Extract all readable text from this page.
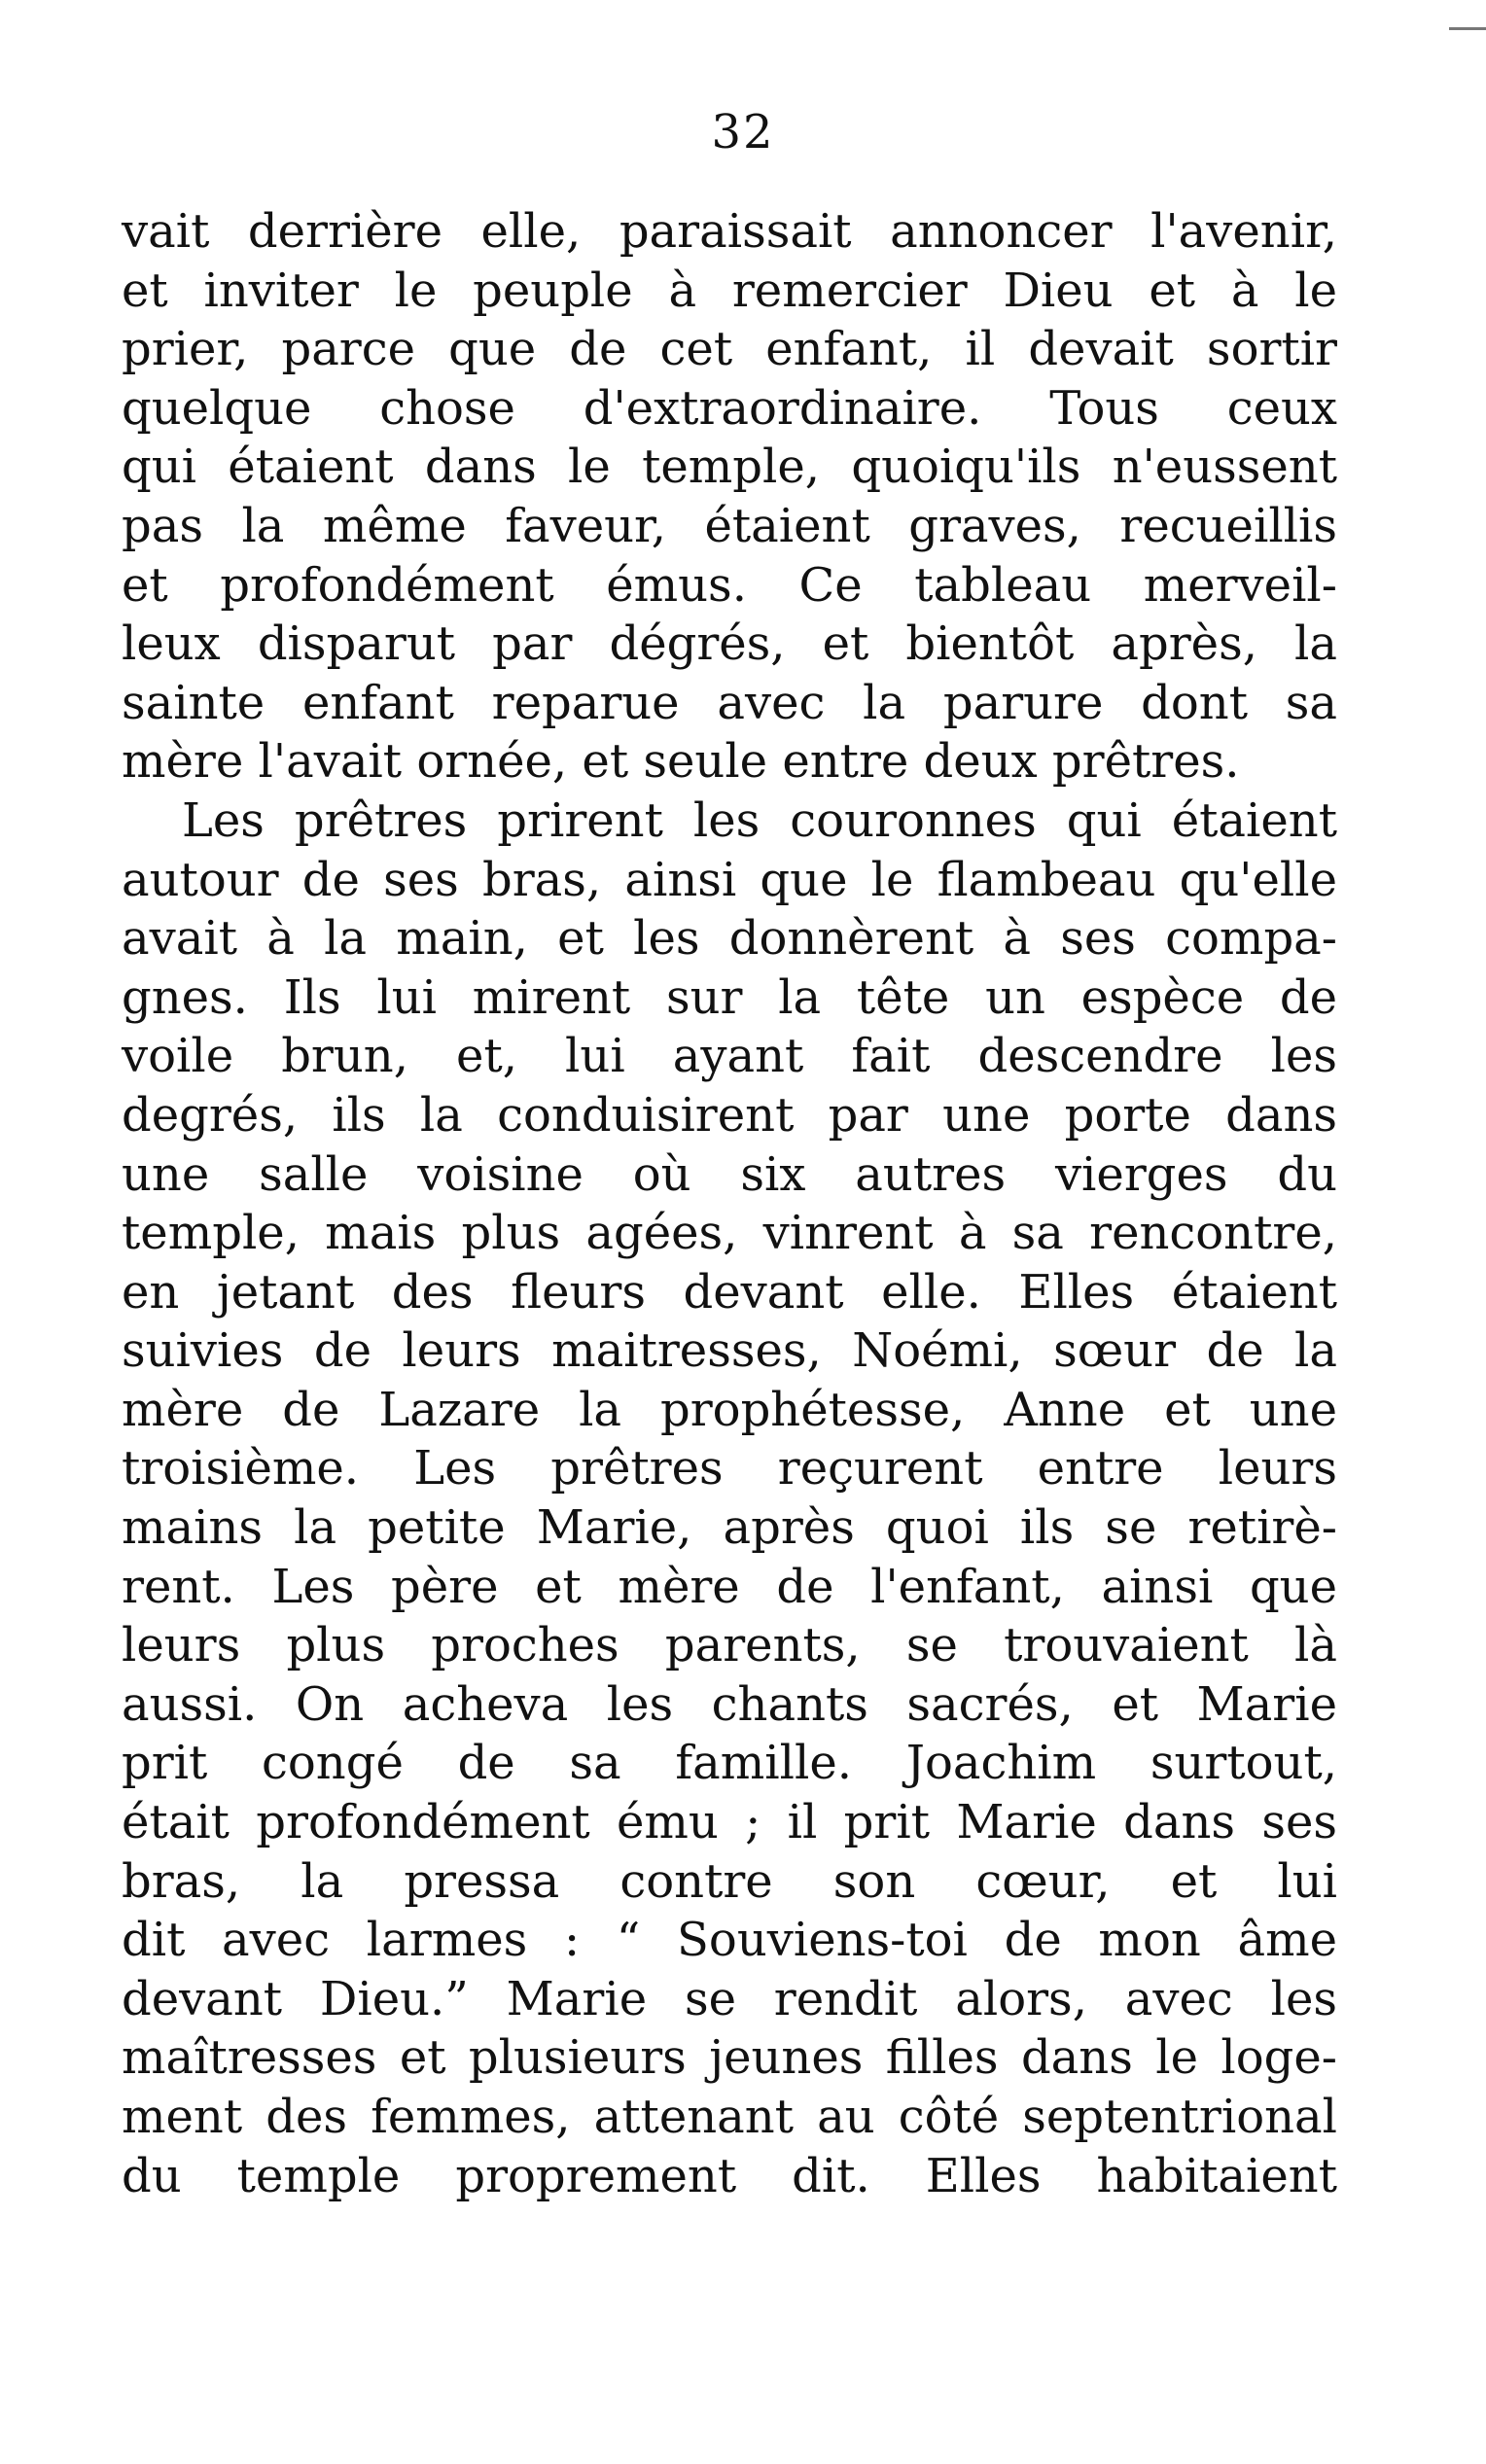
32
vait derrière elle, paraissait annoncer l'avenir,
et inviter le peuple à remercier Dieu et à le
prier, parce que de cet enfant, il devait sortir
quelque chose d'extraordinaire. Tous ceux
qui étaient dans le temple, quoiqu'ils n'eussent
pas la même faveur, étaient graves, recueillis
et profondément émus. Ce tableau merveil-
leux disparut par dégrés, et bientôt après, la
sainte enfant reparue avec la parure dont sa
mère l'avait ornée, et seule entre deux prêtres.
Les prêtres prirent les couronnes qui étaient
autour de ses bras, ainsi que le flambeau qu'elle
avait à la main, et les donnèrent à ses compa-
gnes. Ils lui mirent sur la tête un espèce de
voile brun, et, lui ayant fait descendre les
degrés, ils la conduisirent par une porte dans
une salle voisine où six autres vierges du
temple, mais plus agées, vinrent à sa rencontre,
en jetant des fleurs devant elle. Elles étaient
suivies de leurs maitresses, Noémi, sœur de la
mère de Lazare la prophétesse, Anne et une
troisième. Les prêtres reçurent entre leurs
mains la petite Marie, après quoi ils se retirè-
rent. Les père et mère de l'enfant, ainsi que
leurs plus proches parents, se trouvaient là
aussi. On acheva les chants sacrés, et Marie
prit congé de sa famille. Joachim surtout,
était profondément ému ; il prit Marie dans ses
bras, la pressa contre son cœur, et lui
dit avec larmes : “ Souviens-toi de mon âme
devant Dieu.” Marie se rendit alors, avec les
maîtresses et plusieurs jeunes filles dans le loge-
ment des femmes, attenant au côté septentrional
du temple proprement dit. Elles habitaient
